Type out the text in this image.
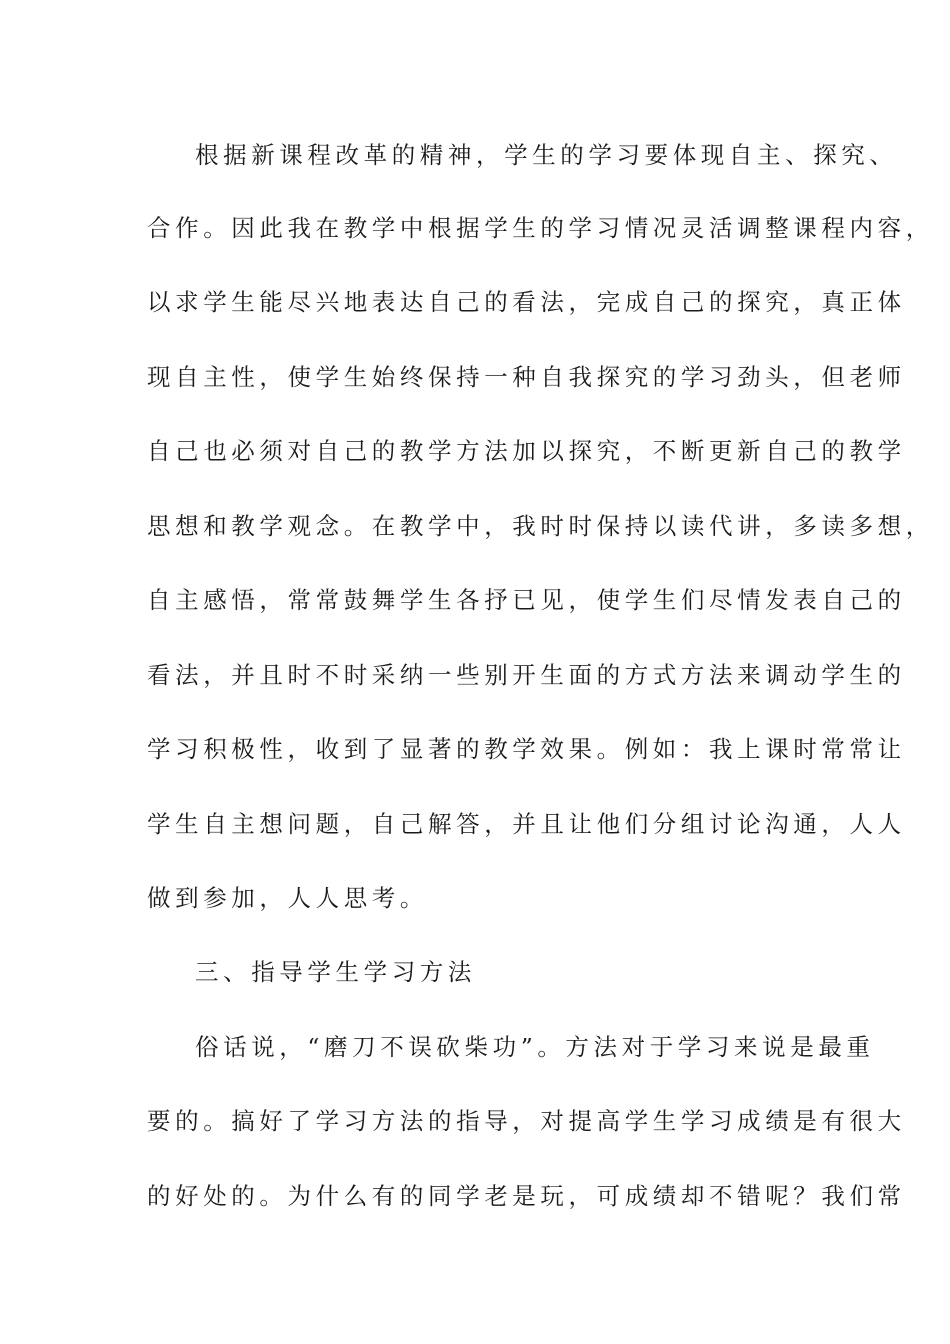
根据新课程改革的精神，学生的学习要体现自主、探究、
合作。因此我在教学中根据学生的学习情况灵活调整课程内容，
以求学生能尽兴地表达自己的看法，完成自己的探究，真正体
现自主性，使学生始终保持一种自我探究的学习劲头，但老师
自己也必须对自己的教学方法加以探究，不断更新自己的教学
思想和教学观念。在教学中，我时时保持以读代讲，多读多想，
自主感悟，常常鼓舞学生各抒已见，使学生们尽情发表自己的
看法，并且时不时采纳一些别开生面的方式方法来调动学生的
学习积极性，收到了显著的教学效果。例如：我上课时常常让
学生自主想问题，自己解答，并且让他们分组讨论沟通，人人
做到参加，人人思考。
三、指导学生学习方法
俗话说，“磨刀不误砍柴功”。方法对于学习来说是最重
要的。搞好了学习方法的指导，对提高学生学习成绩是有很大
的好处的。为什么有的同学老是玩，可成绩却不错呢？我们常
